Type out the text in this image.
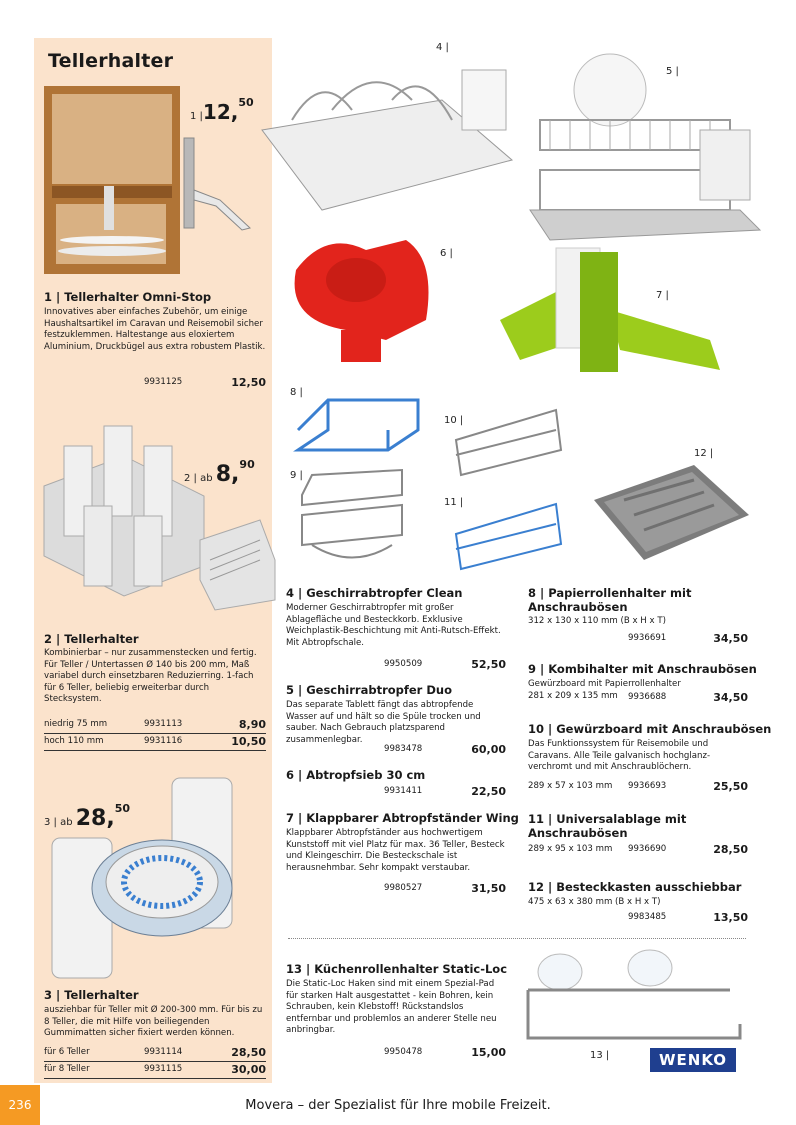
Tellerhalter
1 |12,50
1 | Tellerhalter Omni-Stop
Innovatives aber einfaches Zubehör, um einige Haushaltsartikel im Caravan und Reisemobil sicher festzuklemmen. Haltestange aus eloxiertem Aluminium, Druckbügel aus extra robustem Plastik.
9931125	12,50
2 | ab 8,90
2 | Tellerhalter
Kombinierbar – nur zusammenstecken und fertig. Für Teller / Untertassen Ø 140 bis 200 mm, Maß variabel durch einsetzbaren Reduzierring. 1-fach für 6 Teller, beliebig erweiterbar durch Stecksystem.
niedrig 75 mm	9931113	8,90
hoch 110 mm	9931116	10,50
3 | ab 28,50
3 | Tellerhalter
ausziehbar für Teller mit Ø 200-300 mm. Für bis zu 8 Teller, die mit Hilfe von beiliegenden Gummimatten sicher fixiert werden können.
für 6 Teller	9931114	28,50
für 8 Teller	9931115	30,00
4 |
5 |
6 |
7 |
8 |
9 |
10 |
11 |
12 |
4 | Geschirrabtropfer Clean
Moderner Geschirrabtropfer mit großer Ablagefläche und Besteckkorb. Exklusive Weichplastik-Beschichtung mit Anti-Rutsch-Effekt. Mit Abtropfschale.
9950509	52,50
5 | Geschirrabtropfer Duo
Das separate Tablett fängt das abtropfende Wasser auf und hält so die Spüle trocken und sauber. Nach Gebrauch platzsparend zusammenlegbar.
9983478	60,00
6 | Abtropfsieb 30 cm
9931411	22,50
7 | Klappbarer Abtropfständer Wing
Klappbarer Abtropfständer aus hochwertigem Kunststoff mit viel Platz für max. 36 Teller, Besteck und Kleingeschirr. Die Besteckschale ist herausnehmbar. Sehr kompakt verstaubar.
9980527	31,50
8 | Papierrollenhalter mit Anschraubösen
312 x 130 x 110 mm (B x H x T)
9936691	34,50
9 | Kombihalter mit Anschraubösen
Gewürzboard mit Papierrollenhalter
281 x 209 x 135 mm	9936688	34,50
10 | Gewürzboard mit Anschraubösen
Das Funktionssystem für Reisemobile und Caravans. Alle Teile galvanisch hochglanz-verchromt und mit Anschraublöchern.
289 x 57 x 103 mm 9936693	25,50
11 | Universalablage mit Anschraubösen
289 x 95 x 103 mm 9936690	28,50
12 | Besteckkasten ausschiebbar
475 x 63 x 380 mm (B x H x T)
9983485	13,50
13 | Küchenrollenhalter Static-Loc
Die Static-Loc Haken sind mit einem Spezial-Pad für starken Halt ausgestattet - kein Bohren, kein Schrauben, kein Klebstoff! Rückstandslos entfernbar und problemlos an anderer Stelle neu anbringbar.
9950478	15,00	13 |	WENKO
236	Movera – der Spezialist für Ihre mobile Freizeit.
